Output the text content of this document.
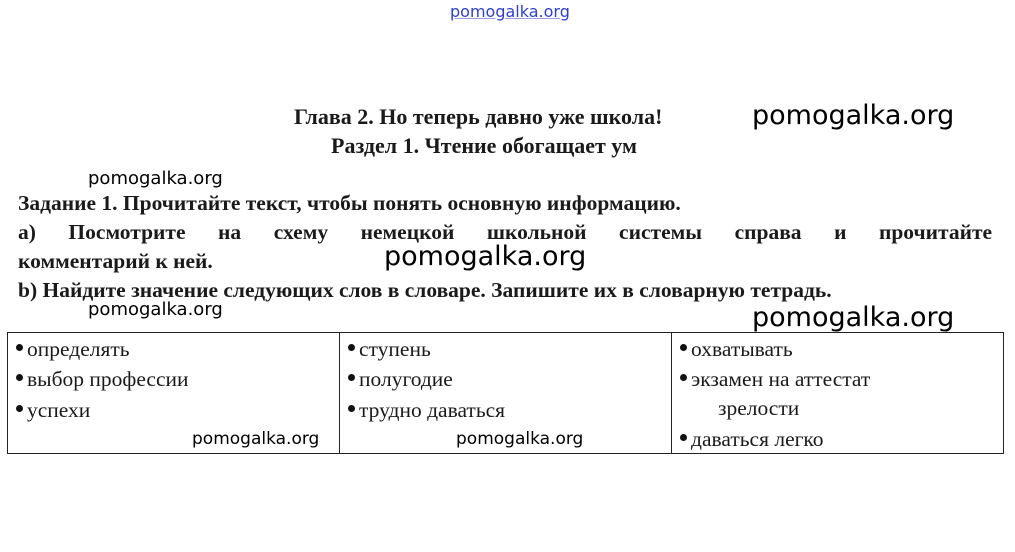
pomogalka.org
pomogalka.org
pomogalka.org
pomogalka.org
pomogalka.org	pomogalka.org
Глава 2. Но теперь давно уже школа!
Раздел 1. Чтение обогащает ум
Задание 1. Прочитайте текст, чтобы понять основную информацию.
а) Посмотрите на схему немецкой школьной системы справа и прочитайте
комментарий к ней.
b) Найдите значение следующих слов в словаре. Запишите их в словарную тетрадь.
определять
выбор профессии
успехи
pomogalka.org
ступень
полугодие
трудно даваться
pomogalka.org
охватывать
экзамен на аттестат
зрелости
даваться легко
